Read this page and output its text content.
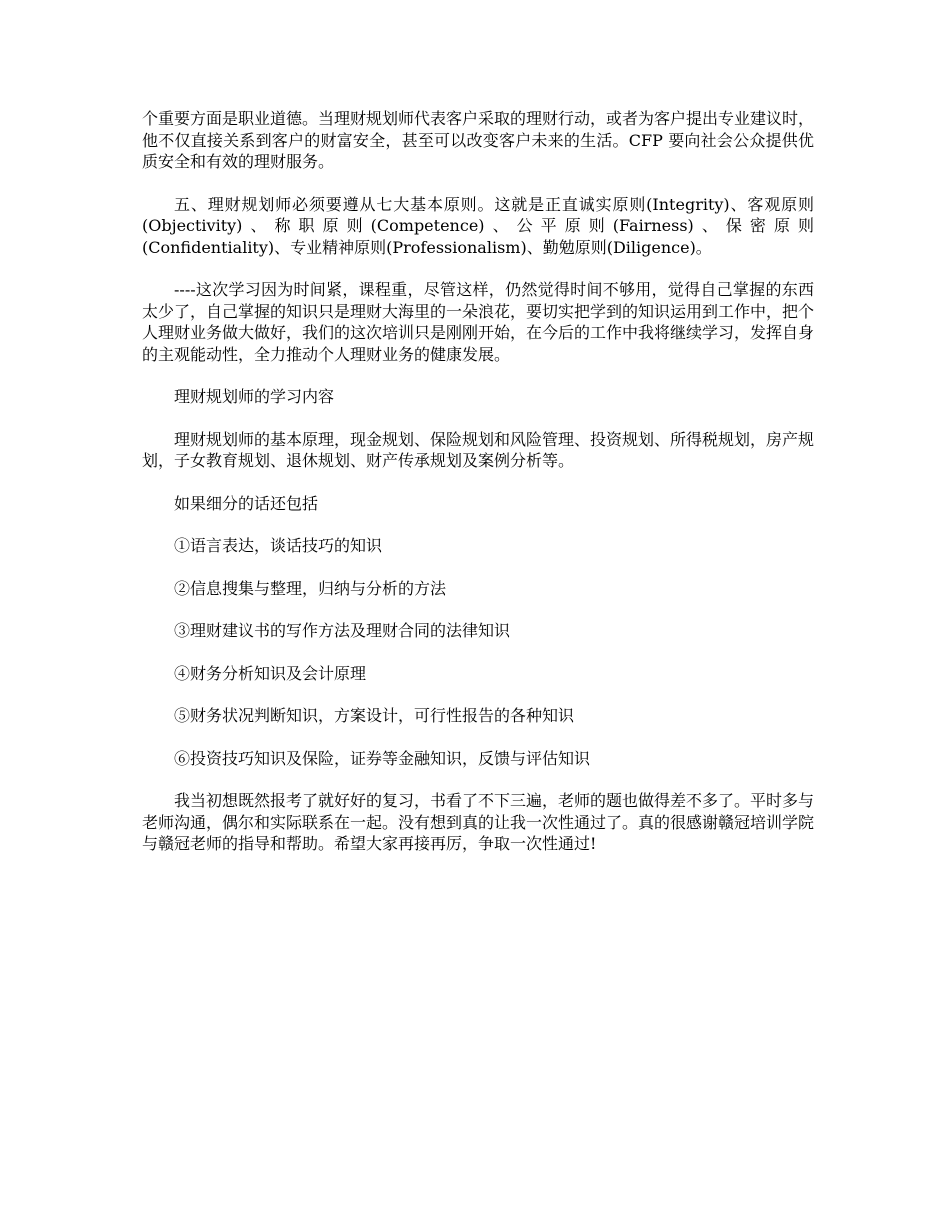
个重要方面是职业道德。当理财规划师代表客户采取的理财行动，或者为客户提出专业建议时，他不仅直接关系到客户的财富安全，甚至可以改变客户未来的生活。CFP 要向社会公众提供优质安全和有效的理财服务。

五、理财规划师必须要遵从七大基本原则。这就是正直诚实原则(Integrity)、客观原则(Objectivity)、称职原则(Competence)、公平原则(Fairness)、保密原则(Confidentiality)、专业精神原则(Professionalism)、勤勉原则(Diligence)。

----这次学习因为时间紧，课程重，尽管这样，仍然觉得时间不够用，觉得自己掌握的东西太少了，自己掌握的知识只是理财大海里的一朵浪花，要切实把学到的知识运用到工作中，把个人理财业务做大做好，我们的这次培训只是刚刚开始，在今后的工作中我将继续学习，发挥自身的主观能动性，全力推动个人理财业务的健康发展。

理财规划师的学习内容

理财规划师的基本原理，现金规划、保险规划和风险管理、投资规划、所得税规划，房产规划，子女教育规划、退休规划、财产传承规划及案例分析等。

如果细分的话还包括

①语言表达，谈话技巧的知识

②信息搜集与整理，归纳与分析的方法

③理财建议书的写作方法及理财合同的法律知识

④财务分析知识及会计原理

⑤财务状况判断知识，方案设计，可行性报告的各种知识

⑥投资技巧知识及保险，证券等金融知识，反馈与评估知识

我当初想既然报考了就好好的复习，书看了不下三遍，老师的题也做得差不多了。平时多与老师沟通，偶尔和实际联系在一起。没有想到真的让我一次性通过了。真的很感谢赣冠培训学院与赣冠老师的指导和帮助。希望大家再接再厉，争取一次性通过!
